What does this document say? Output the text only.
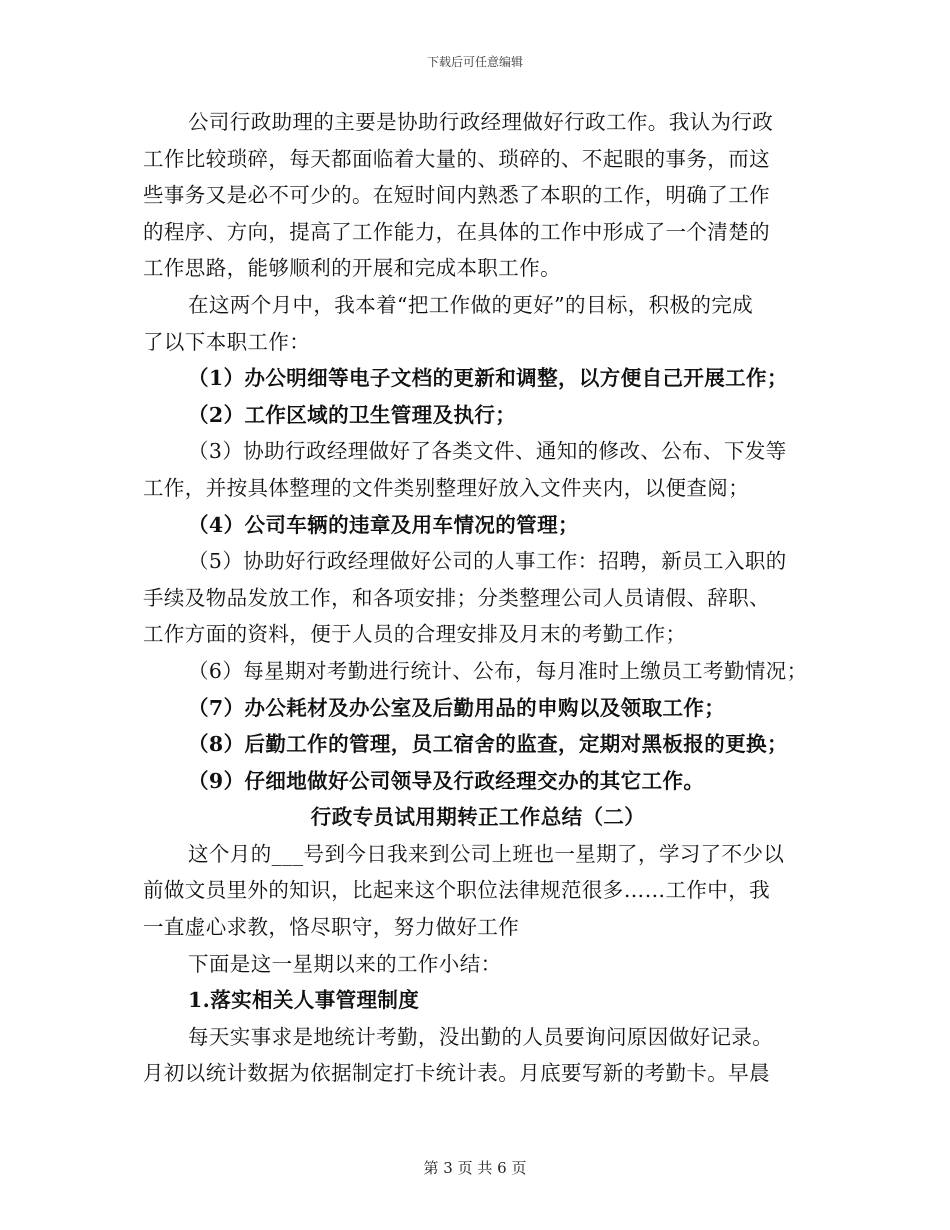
下载后可任意编辑
公司行政助理的主要是协助行政经理做好行政工作。我认为行政
工作比较琐碎，每天都面临着大量的、琐碎的、不起眼的事务，而这
些事务又是必不可少的。在短时间内熟悉了本职的工作，明确了工作
的程序、方向，提高了工作能力，在具体的工作中形成了一个清楚的
工作思路，能够顺利的开展和完成本职工作。
在这两个月中，我本着“把工作做的更好”的目标，积极的完成
了以下本职工作：
（1）办公明细等电子文档的更新和调整，以方便自己开展工作；
（2）工作区域的卫生管理及执行；
（3）协助行政经理做好了各类文件、通知的修改、公布、下发等
工作，并按具体整理的文件类别整理好放入文件夹内，以便查阅；
（4）公司车辆的违章及用车情况的管理；
（5）协助好行政经理做好公司的人事工作：招聘，新员工入职的
手续及物品发放工作，和各项安排；分类整理公司人员请假、辞职、
工作方面的资料，便于人员的合理安排及月末的考勤工作；
（6）每星期对考勤进行统计、公布，每月准时上缴员工考勤情况；
（7）办公耗材及办公室及后勤用品的申购以及领取工作；
（8）后勤工作的管理，员工宿舍的监查，定期对黑板报的更换；
（9）仔细地做好公司领导及行政经理交办的其它工作。
行政专员试用期转正工作总结（二）
这个月的___号到今日我来到公司上班也一星期了，学习了不少以
前做文员里外的知识，比起来这个职位法律规范很多……工作中，我
一直虚心求教，恪尽职守，努力做好工作
下面是这一星期以来的工作小结：
1.落实相关人事管理制度
每天实事求是地统计考勤，没出勤的人员要询问原因做好记录。
月初以统计数据为依据制定打卡统计表。月底要写新的考勤卡。早晨
第 3 页 共 6 页
